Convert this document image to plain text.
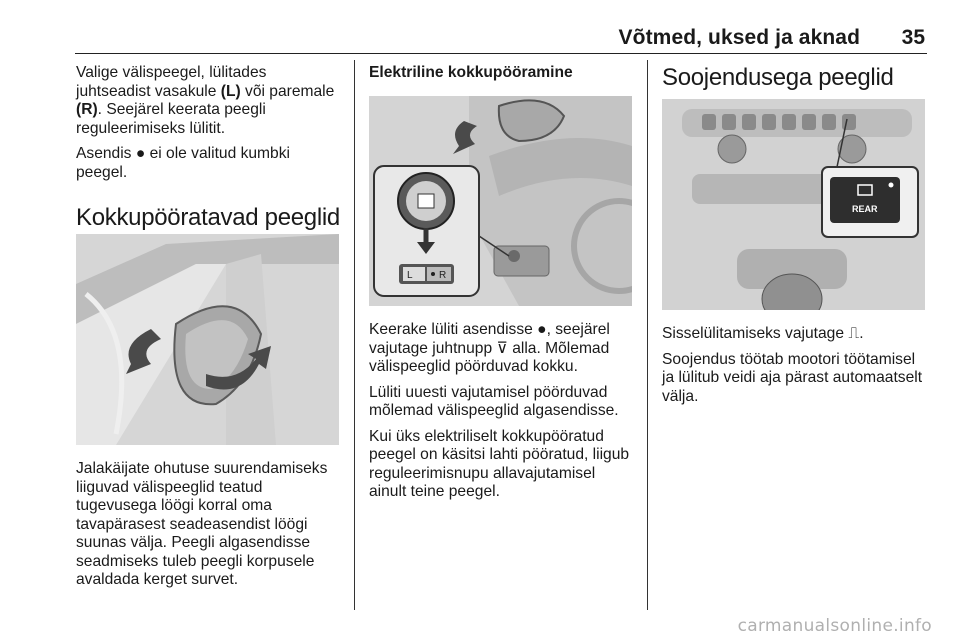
Võtmed, uksed ja aknad	35

Valige välispeegel, lülitades
juhtseadist vasakule (L) või paremale
(R). Seejärel keerata peegli
reguleerimiseks lülitit.

Asendis ● ei ole valitud kumbki
peegel.

Kokkupööratavad peeglid

Jalakäijate ohutuse suurendamiseks
liiguvad välispeeglid teatud
tugevusega löögi korral oma
tavapärasest seadeasendist löögi
suunas välja. Peegli algasendisse
seadmiseks tuleb peegli korpusele
avaldada kerget survet.

Elektriline kokkupööramine
L	R

Keerake lüliti asendisse ●, seejärel
vajutage juhtnupp ⊽ alla. Mõlemad
välispeeglid pöörduvad kokku.

Lüliti uuesti vajutamisel pöörduvad
mõlemad välispeeglid algasendisse.

Kui üks elektriliselt kokkupööratud
peegel on käsitsi lahti pööratud, liigub
reguleerimisnupu allavajutamisel
ainult teine peegel.

Soojendusega peeglid
REAR

Sisselülitamiseks vajutage ⎍.

Soojendus töötab mootori töötamisel
ja lülitub veidi aja pärast automaatselt
välja.

carmanualsonline.info
